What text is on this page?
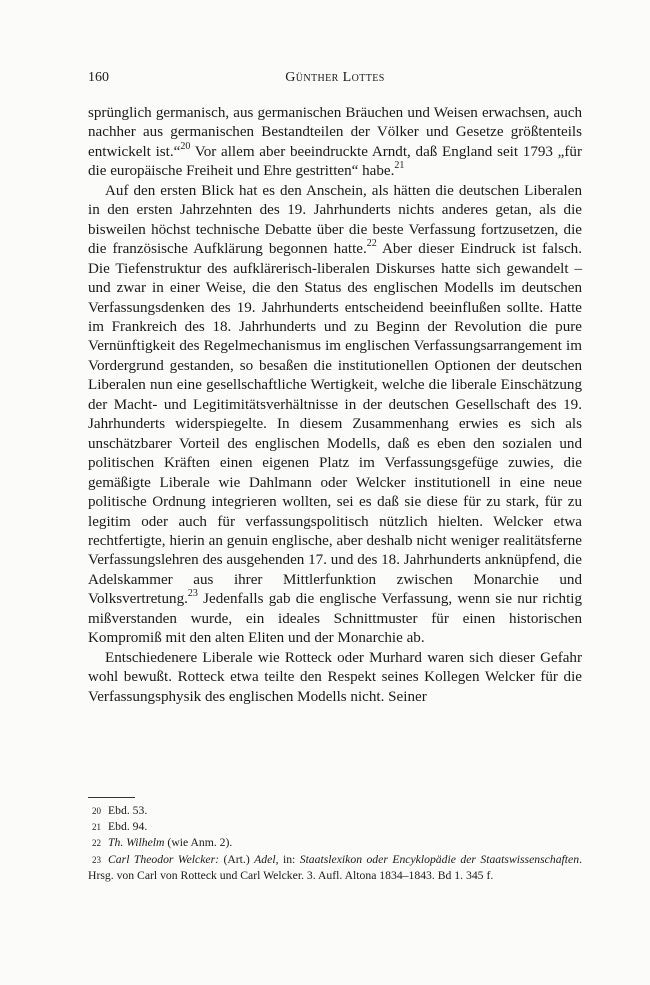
160	Günther Lottes

sprünglich germanisch, aus germanischen Bräuchen und Weisen erwachsen, auch nachher aus germanischen Bestandteilen der Völker und Gesetze größtenteils entwickelt ist.“$^{20}$ Vor allem aber beeindruckte Arndt, daß England seit 1793 „für die europäische Freiheit und Ehre gestritten“ habe.$^{21}$

Auf den ersten Blick hat es den Anschein, als hätten die deutschen Liberalen in den ersten Jahrzehnten des 19. Jahrhunderts nichts anderes getan, als die bisweilen höchst technische Debatte über die beste Verfassung fortzusetzen, die die französische Aufklärung begonnen hatte.$^{22}$ Aber dieser Eindruck ist falsch. Die Tiefenstruktur des aufklärerisch-liberalen Diskurses hatte sich gewandelt – und zwar in einer Weise, die den Status des englischen Modells im deutschen Verfassungsdenken des 19. Jahrhunderts entscheidend beeinflußen sollte. Hatte im Frankreich des 18. Jahrhunderts und zu Beginn der Revolution die pure Vernünftigkeit des Regelmechanismus im englischen Verfassungsarrangement im Vordergrund gestanden, so besaßen die institutionellen Optionen der deutschen Liberalen nun eine gesellschaftliche Wertigkeit, welche die liberale Einschätzung der Macht- und Legitimitätsverhältnisse in der deutschen Gesellschaft des 19. Jahrhunderts widerspiegelte. In diesem Zusammenhang erwies es sich als unschätzbarer Vorteil des englischen Modells, daß es eben den sozialen und politischen Kräften einen eigenen Platz im Verfassungsgefüge zuwies, die gemäßigte Liberale wie Dahlmann oder Welcker institutionell in eine neue politische Ordnung integrieren wollten, sei es daß sie diese für zu stark, für zu legitim oder auch für verfassungspolitisch nützlich hielten. Welcker etwa rechtfertigte, hierin an genuin englische, aber deshalb nicht weniger realitätsferne Verfassungslehren des ausgehenden 17. und des 18. Jahrhunderts anknüpfend, die Adelskammer aus ihrer Mittlerfunktion zwischen Monarchie und Volksvertretung.$^{23}$ Jedenfalls gab die englische Verfassung, wenn sie nur richtig mißverstanden wurde, ein ideales Schnittmuster für einen historischen Kompromiß mit den alten Eliten und der Monarchie ab.

Entschiedenere Liberale wie Rotteck oder Murhard waren sich dieser Gefahr wohl bewußt. Rotteck etwa teilte den Respekt seines Kollegen Welcker für die Verfassungsphysik des englischen Modells nicht. Seiner

20 Ebd. 53.
21 Ebd. 94.
22 Th. Wilhelm (wie Anm. 2).
23 Carl Theodor Welcker: (Art.) Adel, in: Staatslexikon oder Encyklopädie der Staatswissenschaften. Hrsg. von Carl von Rotteck und Carl Welcker. 3. Aufl. Altona 1834–1843. Bd 1. 345 f.
